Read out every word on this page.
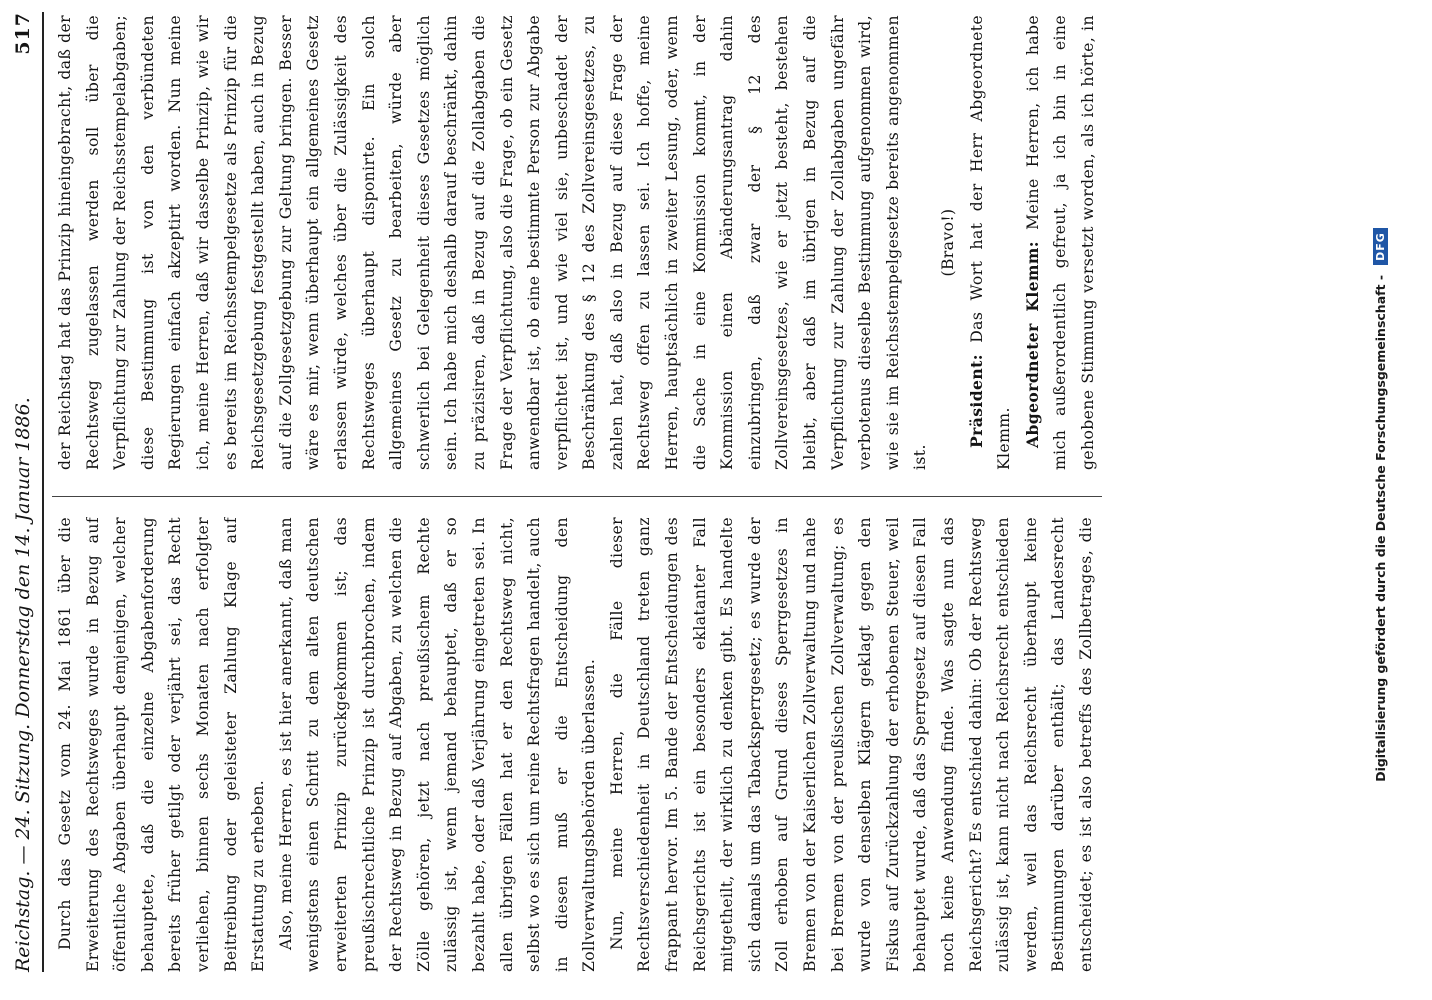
Reichstag. — 24. Sitzung. Donnerstag den 14. Januar 1886.
517

Durch das Gesetz vom 24. Mai 1861 über die Erweiterung des Rechtsweges wurde in Bezug auf öffentliche Abgaben überhaupt demjenigen, welcher behauptete, daß die einzelne Abgabenforderung bereits früher getilgt oder verjährt sei, das Recht verliehen, binnen sechs Monaten nach erfolgter Beitreibung oder geleisteter Zahlung Klage auf Erstattung zu erheben. Also, meine Herren, es ist hier anerkannt, daß man wenigstens einen Schritt zu dem alten deutschen erweiterten Prinzip zurückgekommen ist; das preußischrechtliche Prinzip ist durchbrochen, indem der Rechtsweg in Bezug auf Abgaben, zu welchen die Zölle gehören, jetzt nach preußischem Rechte zulässig ist, wenn jemand behauptet, daß er so bezahlt habe, oder daß Verjährung eingetreten sei. In allen übrigen Fällen hat er den Rechtsweg nicht, selbst wo es sich um reine Rechtsfragen handelt, auch in diesen muß er die Entscheidung den Zollverwaltungsbehörden überlassen. Nun, meine Herren, die Fälle dieser Rechtsverschiedenheit in Deutschland treten ganz frappant hervor. Im 5. Bande der Entscheidungen des Reichsgerichts ist ein besonders eklatanter Fall mitgetheilt, der wirklich zu denken gibt. Es handelte sich damals um das Tabacksperrgesetz; es wurde der Zoll erhoben auf Grund dieses Sperrgesetzes in Bremen von der Kaiserlichen Zollverwaltung und nahe bei Bremen von der preußischen Zollverwaltung; es wurde von denselben Klägern geklagt gegen den Fiskus auf Zurückzahlung der erhobenen Steuer, weil behauptet wurde, daß das Sperrgesetz auf diesen Fall noch keine Anwendung finde. Was sagte nun das Reichsgericht? Es entschied dahin: Ob der Rechtsweg zulässig ist, kann nicht nach Reichsrecht entschieden werden, weil das Reichsrecht überhaupt keine Bestimmungen darüber enthält; das Landesrecht entscheidet; es ist also betreffs des Zollbetrages, die

der Reichstag hat das Prinzip hineingebracht, daß der Rechtsweg zugelassen werden soll über die Verpflichtung zur Zahlung der Reichsstempelabgaben; diese Bestimmung ist von den verbündeten Regierungen einfach akzeptirt worden. Nun meine ich, meine Herren, daß wir dasselbe Prinzip, wie wir es bereits im Reichsstempelgesetze als Prinzip für die Reichsgesetzgebung festgestellt haben, auch in Bezug auf die Zollgesetzgebung zur Geltung bringen. Besser wäre es mir, wenn überhaupt ein allgemeines Gesetz erlassen würde, welches über die Zulässigkeit des Rechtsweges überhaupt disponirte. Ein solch allgemeines Gesetz zu bearbeiten, würde aber schwerlich bei Gelegenheit dieses Gesetzes möglich sein. Ich habe mich deshalb darauf beschränkt, dahin zu präzisiren, daß in Bezug auf die Zollabgaben die Frage der Verpflichtung, also die Frage, ob ein Gesetz anwendbar ist, ob eine bestimmte Person zur Abgabe verpflichtet ist, und wie viel sie, unbeschadet der Beschränkung des § 12 des Zollvereinsgesetzes, zu zahlen hat, daß also in Bezug auf diese Frage der Rechtsweg offen zu lassen sei. Ich hoffe, meine Herren, hauptsächlich in zweiter Lesung, oder, wenn die Sache in eine Kommission kommt, in der Kommission einen Abänderungsantrag dahin einzubringen, daß zwar der § 12 des Zollvereinsgesetzes, wie er jetzt besteht, bestehen bleibt, aber daß im übrigen in Bezug auf die Verpflichtung zur Zahlung der Zollabgaben ungefähr verbotenus dieselbe Bestimmung aufgenommen wird, wie sie im Reichsstempelgesetze bereits angenommen ist.

(Bravo!)

Präsident: Das Wort hat der Herr Abgeordnete Klemm. Abgeordneter Klemm: Meine Herren, ich habe mich außerordentlich gefreut, ja ich bin in eine gehobene Stimmung versetzt worden, als ich hörte, in

Digitalisierung gefördert durch die Deutsche Forschungsgemeinschaft -
DFG
